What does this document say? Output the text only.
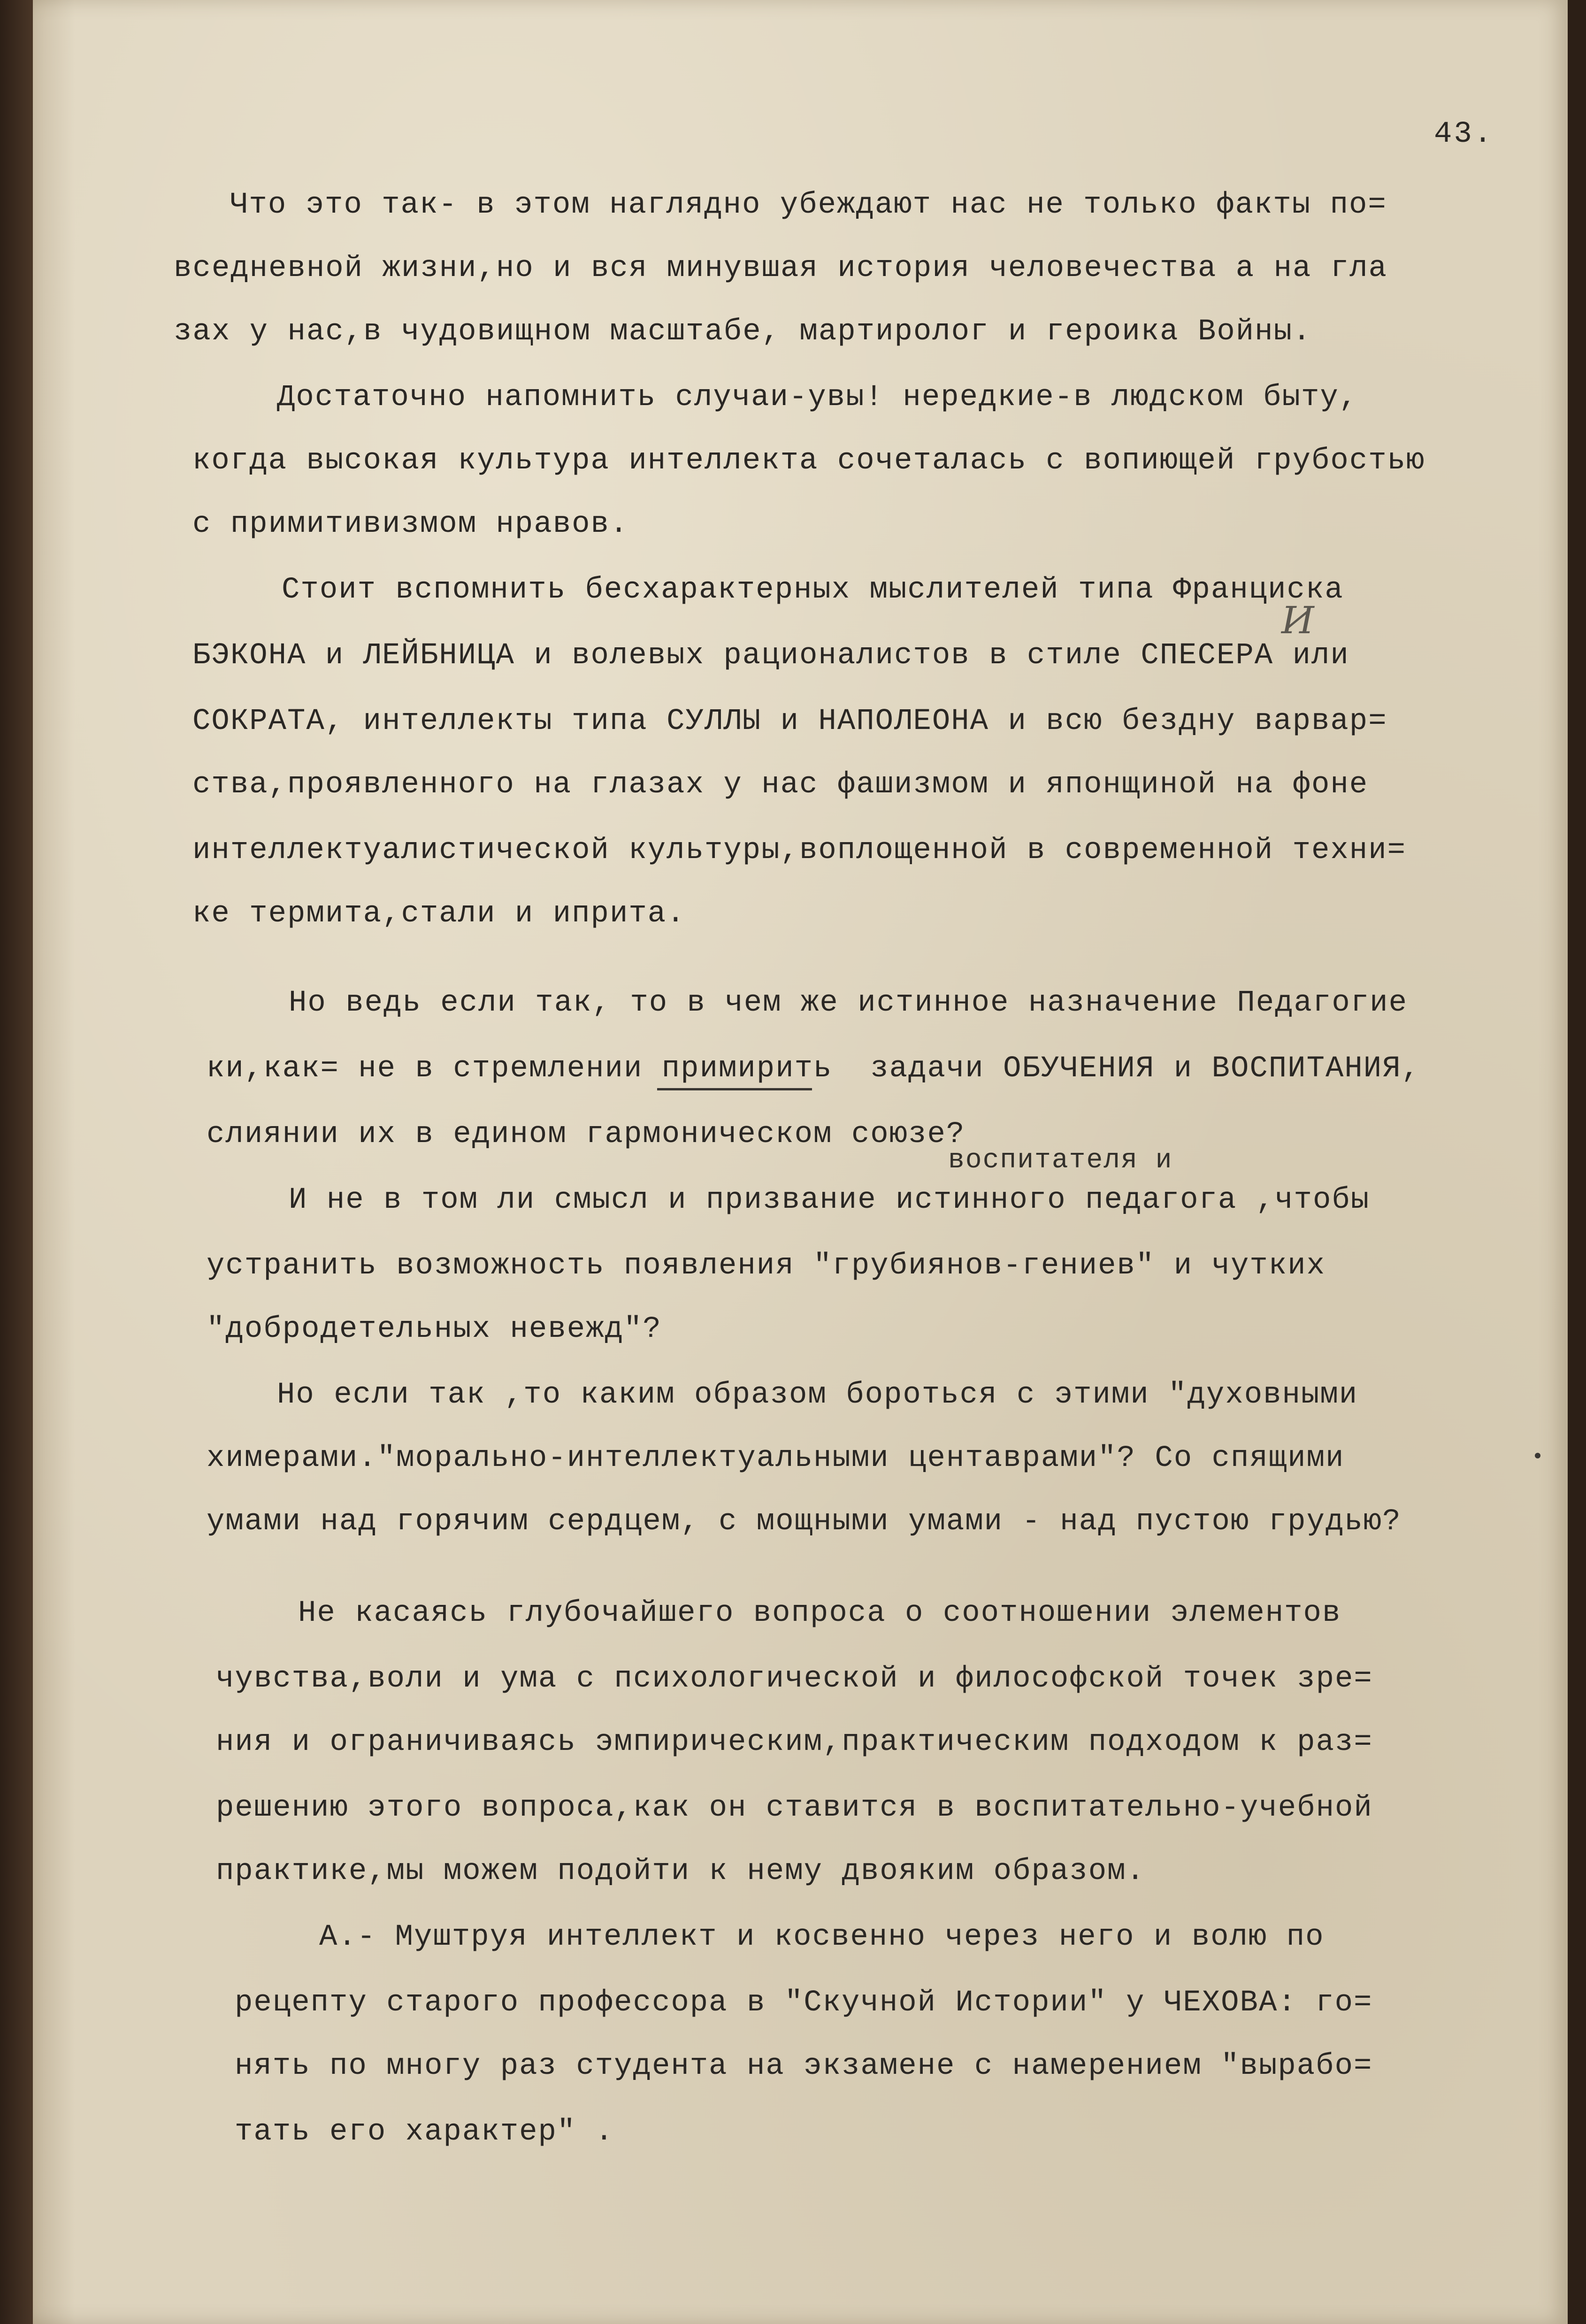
43.
Что это так- в этом наглядно убеждают нас не только факты по=
вседневной жизни,но и вся минувшая история человечества а на гла
зах у нас,в чудовищном масштабе, мартиролог и героика Войны.
Достаточно напомнить случаи-увы! нередкие-в людском быту,
когда высокая культура интеллекта сочеталась с вопиющей грубостью
с примитивизмом нравов.
Стоит вспомнить бесхарактерных мыслителей типа Франциска
И
БЭКОНА и ЛЕЙБНИЦА и волевых рационалистов в стиле СПЕСЕРА или
СОКРАТА, интеллекты типа СУЛЛЫ и НАПОЛЕОНА и всю бездну варвар=
ства,проявленного на глазах у нас фашизмом и японщиной на фоне
интеллектуалистической культуры,воплощенной в современной техни=
ке термита,стали и иприта.
Но ведь если так, то в чем же истинное назначение Педагогие
ки,как= не в стремлении примирить  задачи ОБУЧЕНИЯ и ВОСПИТАНИЯ,
слиянии их в едином гармоническом союзе?
воспитателя и
И не в том ли смысл и призвание истинного педагога ,чтобы
устранить возможность появления "грубиянов-гениев" и чутких
"добродетельных невежд"?
Но если так ,то каким образом бороться с этими "духовными
химерами."морально-интеллектуальными центаврами"? Со спящими
умами над горячим сердцем, с мощными умами - над пустою грудью?
Не касаясь глубочайшего вопроса о соотношении элементов
чувства,воли и ума с психологической и философской точек зре=
ния и ограничиваясь эмпирическим,практическим подходом к раз=
решению этого вопроса,как он ставится в воспитательно-учебной
практике,мы можем подойти к нему двояким образом.
А.- Муштруя интеллект и косвенно через него и волю по
рецепту старого профессора в "Скучной Истории" у ЧЕХОВА: го=
нять по многу раз студента на экзамене с намерением "вырабо=
тать его характер" .
